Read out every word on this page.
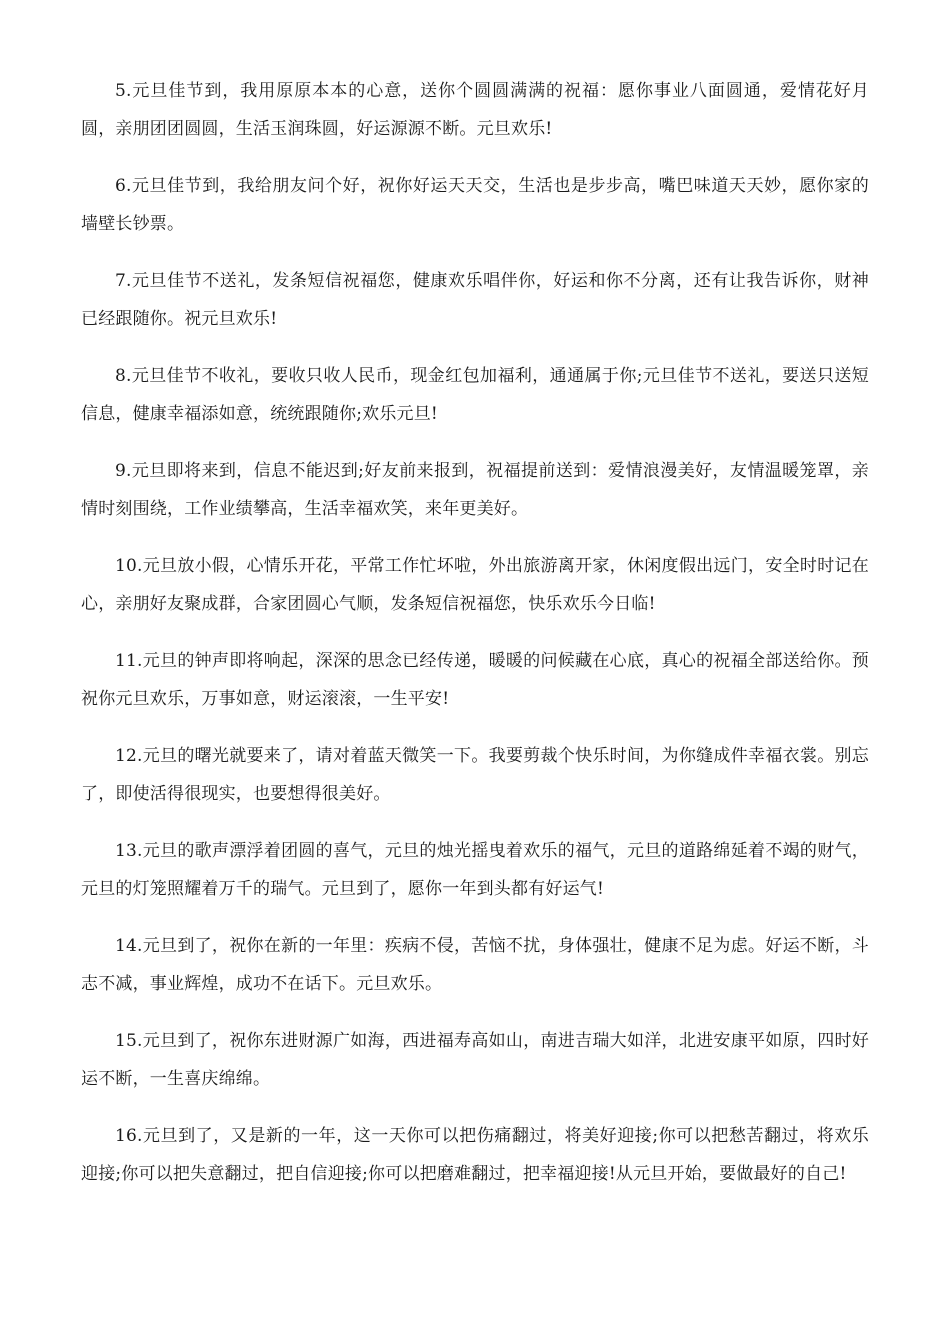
5.元旦佳节到，我用原原本本的心意，送你个圆圆满满的祝福：愿你事业八面圆通，爱情花好月圆，亲朋团团圆圆，生活玉润珠圆，好运源源不断。元旦欢乐!

6.元旦佳节到，我给朋友问个好，祝你好运天天交，生活也是步步高，嘴巴味道天天妙，愿你家的墙壁长钞票。

7.元旦佳节不送礼，发条短信祝福您，健康欢乐唱伴你，好运和你不分离，还有让我告诉你，财神已经跟随你。祝元旦欢乐!

8.元旦佳节不收礼，要收只收人民币，现金红包加福利，通通属于你;元旦佳节不送礼，要送只送短信息，健康幸福添如意，统统跟随你;欢乐元旦!

9.元旦即将来到，信息不能迟到;好友前来报到，祝福提前送到：爱情浪漫美好，友情温暖笼罩，亲情时刻围绕，工作业绩攀高，生活幸福欢笑，来年更美好。

10.元旦放小假，心情乐开花，平常工作忙坏啦，外出旅游离开家，休闲度假出远门，安全时时记在心，亲朋好友聚成群，合家团圆心气顺，发条短信祝福您，快乐欢乐今日临!

11.元旦的钟声即将响起，深深的思念已经传递，暖暖的问候藏在心底，真心的祝福全部送给你。预祝你元旦欢乐，万事如意，财运滚滚，一生平安!

12.元旦的曙光就要来了，请对着蓝天微笑一下。我要剪裁个快乐时间，为你缝成件幸福衣裳。别忘了，即使活得很现实，也要想得很美好。

13.元旦的歌声漂浮着团圆的喜气，元旦的烛光摇曳着欢乐的福气，元旦的道路绵延着不竭的财气，元旦的灯笼照耀着万千的瑞气。元旦到了，愿你一年到头都有好运气!

14.元旦到了，祝你在新的一年里：疾病不侵，苦恼不扰，身体强壮，健康不足为虑。好运不断，斗志不减，事业辉煌，成功不在话下。元旦欢乐。

15.元旦到了，祝你东进财源广如海，西进福寿高如山，南进吉瑞大如洋，北进安康平如原，四时好运不断，一生喜庆绵绵。

16.元旦到了，又是新的一年，这一天你可以把伤痛翻过，将美好迎接;你可以把愁苦翻过，将欢乐迎接;你可以把失意翻过，把自信迎接;你可以把磨难翻过，把幸福迎接!从元旦开始，要做最好的自己!
